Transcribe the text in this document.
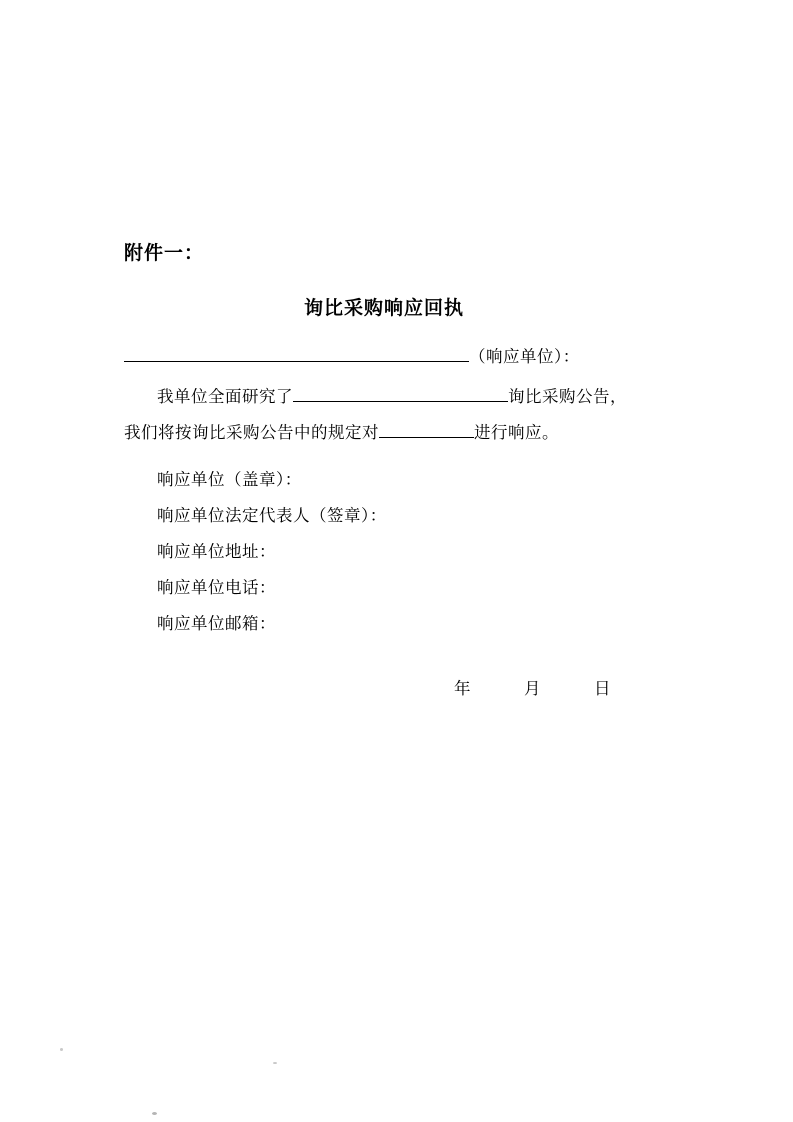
附件一：
询比采购响应回执
（响应单位）：
我单位全面研究了	询比采购公告，
我们将按询比采购公告中的规定对	进行响应。
响应单位（盖章）：
响应单位法定代表人（签章）：
响应单位地址：
响应单位电话：
响应单位邮箱：
年	月	日
